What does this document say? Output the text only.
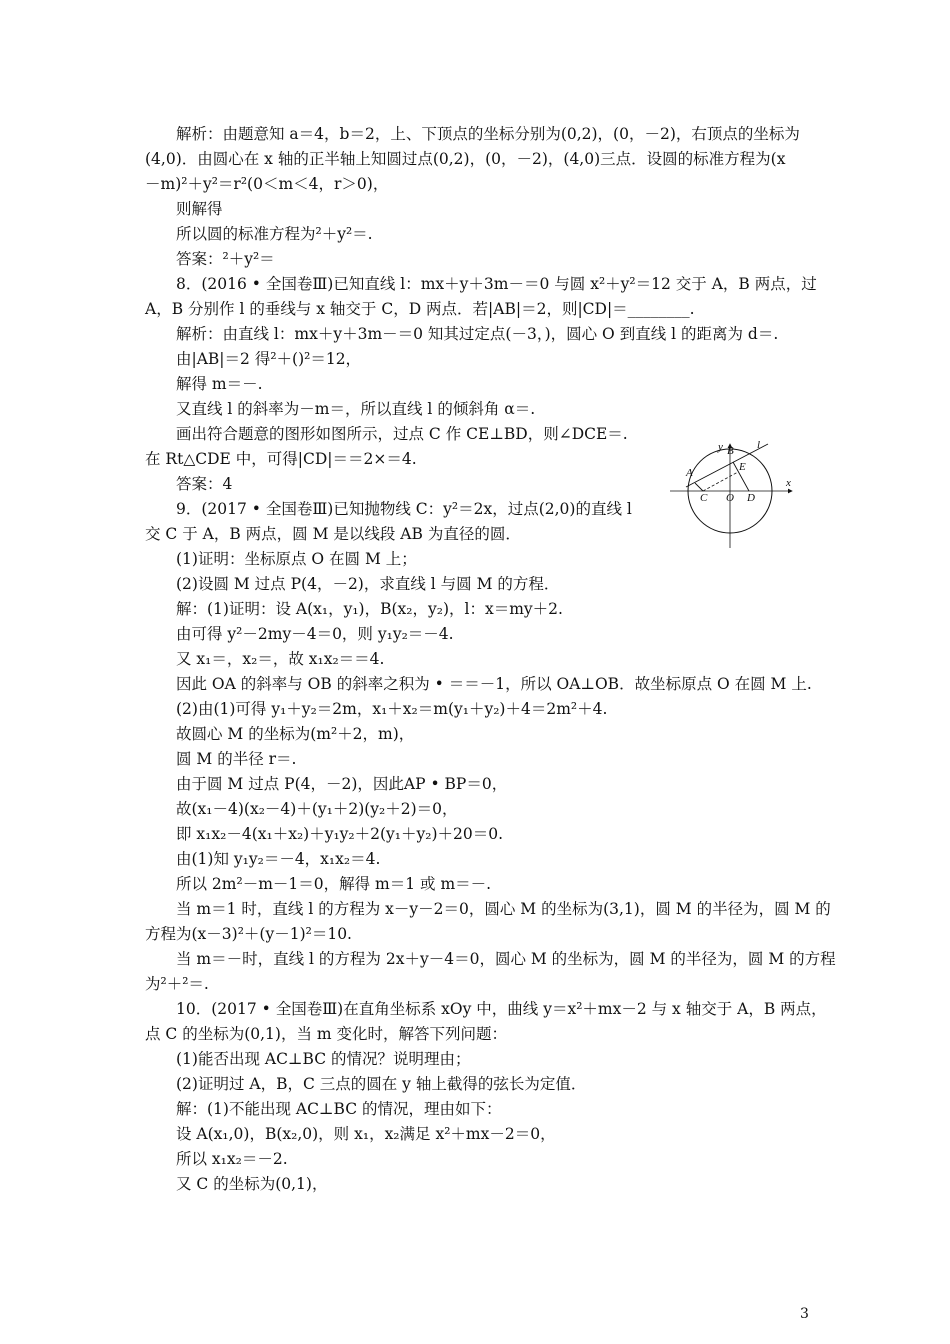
解析：由题意知 a＝4，b＝2，上、下顶点的坐标分别为(0,2)，(0，－2)，右顶点的坐标为
(4,0)．由圆心在 x 轴的正半轴上知圆过点(0,2)，(0，－2)，(4,0)三点．设圆的标准方程为(x
－m)²＋y²＝r²(0＜m＜4，r＞0)，
则解得
所以圆的标准方程为²＋y²＝.
答案：²＋y²＝
8．(2016 • 全国卷Ⅲ)已知直线 l：mx＋y＋3m－＝0 与圆 x²＋y²＝12 交于 A，B 两点，过
A，B 分别作 l 的垂线与 x 轴交于 C，D 两点．若|AB|＝2，则|CD|＝________.
解析：由直线 l：mx＋y＋3m－＝0 知其过定点(－3，)，圆心 O 到直线 l 的距离为 d＝.
由|AB|＝2 得²＋()²＝12，
解得 m＝－.
又直线 l 的斜率为－m＝，所以直线 l 的倾斜角 α＝.
画出符合题意的图形如图所示，过点 C 作 CE⊥BD，则∠DCE＝.
在 Rt△CDE 中，可得|CD|＝＝2×＝4.
答案：4
9．(2017 • 全国卷Ⅲ)已知抛物线 C：y²＝2x，过点(2,0)的直线 l
交 C 于 A，B 两点，圆 M 是以线段 AB 为直径的圆．
(1)证明：坐标原点 O 在圆 M 上；
(2)设圆 M 过点 P(4，－2)，求直线 l 与圆 M 的方程．
解：(1)证明：设 A(x₁，y₁)，B(x₂，y₂)，l：x＝my＋2.
由可得 y²－2my－4＝0，则 y₁y₂＝－4.
又 x₁＝，x₂＝，故 x₁x₂＝＝4.
因此 OA 的斜率与 OB 的斜率之积为 • ＝＝－1，所以 OA⊥OB．故坐标原点 O 在圆 M 上.
(2)由(1)可得 y₁＋y₂＝2m，x₁＋x₂＝m(y₁＋y₂)＋4＝2m²＋4.
故圆心 M 的坐标为(m²＋2，m)，
圆 M 的半径 r＝.
由于圆 M 过点 P(4，－2)，因此AP • BP＝0，
故(x₁－4)(x₂－4)＋(y₁＋2)(y₂＋2)＝0，
即 x₁x₂－4(x₁＋x₂)＋y₁y₂＋2(y₁＋y₂)＋20＝0.
由(1)知 y₁y₂＝－4，x₁x₂＝4.
所以 2m²－m－1＝0，解得 m＝1 或 m＝－.
当 m＝1 时，直线 l 的方程为 x－y－2＝0，圆心 M 的坐标为(3,1)，圆 M 的半径为，圆 M 的
方程为(x－3)²＋(y－1)²＝10.
当 m＝－时，直线 l 的方程为 2x＋y－4＝0，圆心 M 的坐标为，圆 M 的半径为，圆 M 的方程
为²＋²＝.
10．(2017 • 全国卷Ⅲ)在直角坐标系 xOy 中，曲线 y＝x²＋mx－2 与 x 轴交于 A，B 两点，
点 C 的坐标为(0,1)，当 m 变化时，解答下列问题：
(1)能否出现 AC⊥BC 的情况？说明理由；
(2)证明过 A，B，C 三点的圆在 y 轴上截得的弦长为定值．
解：(1)不能出现 AC⊥BC 的情况，理由如下：
设 A(x₁,0)，B(x₂,0)，则 x₁，x₂满足 x²＋mx－2＝0，
所以 x₁x₂＝－2.
又 C 的坐标为(0,1)，
y
x
B l
A	E
C O D
3
